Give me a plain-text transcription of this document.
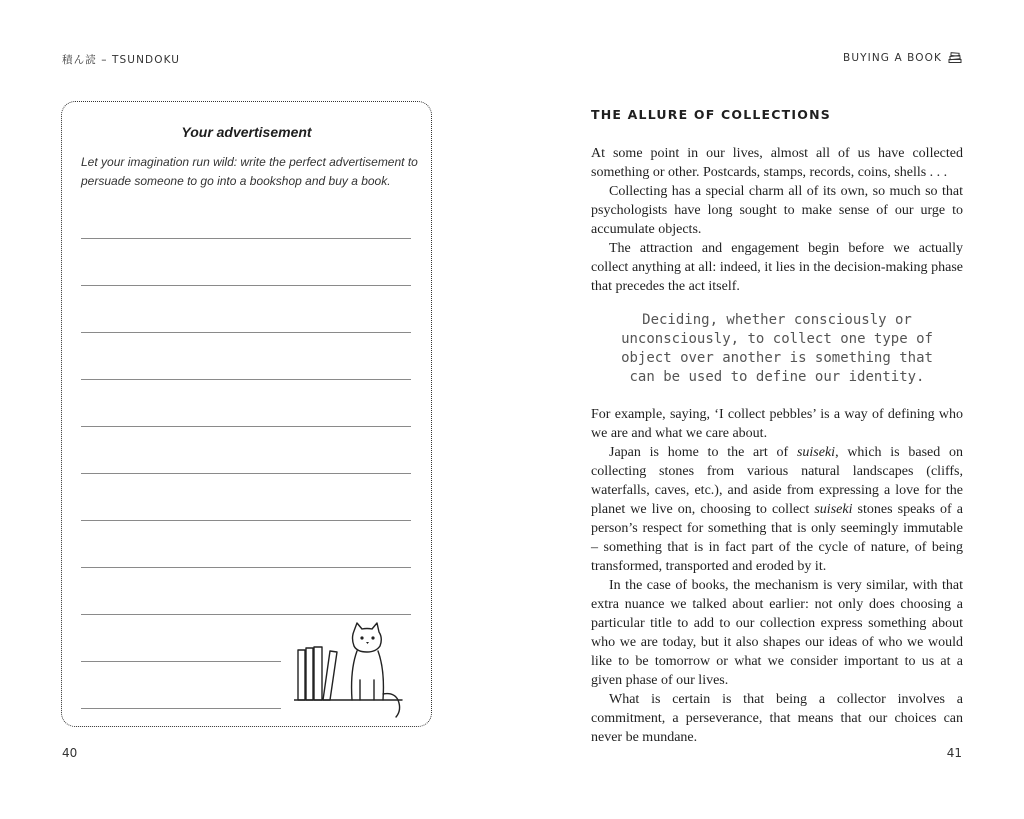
積ん読 – TSUNDOKU
Your advertisement
Let your imagination run wild: write the perfect advertisement to persuade someone to go into a bookshop and buy a book.
40
BUYING A BOOK
THE ALLURE OF COLLECTIONS

At some point in our lives, almost all of us have collected something or other. Postcards, stamps, records, coins, shells . . .

Collecting has a special charm all of its own, so much so that psychologists have long sought to make sense of our urge to accumulate objects.

The attraction and engagement begin before we actually collect anything at all: indeed, it lies in the decision-making phase that precedes the act itself.

Deciding, whether consciously or unconsciously, to collect one type of object over another is something that can be used to define our identity.

For example, saying, ‘I collect pebbles’ is a way of defining who we are and what we care about.

Japan is home to the art of suiseki, which is based on collecting stones from various natural landscapes (cliffs, waterfalls, caves, etc.), and aside from expressing a love for the planet we live on, choosing to collect suiseki stones speaks of a person’s respect for something that is only seemingly immutable – something that is in fact part of the cycle of nature, of being transformed, transported and eroded by it.

In the case of books, the mechanism is very similar, with that extra nuance we talked about earlier: not only does choosing a particular title to add to our collection express something about who we are today, but it also shapes our ideas of who we would like to be tomorrow or what we consider important to us at a given phase of our lives.

What is certain is that being a collector involves a commitment, a perseverance, that means that our choices can never be mundane.

41
